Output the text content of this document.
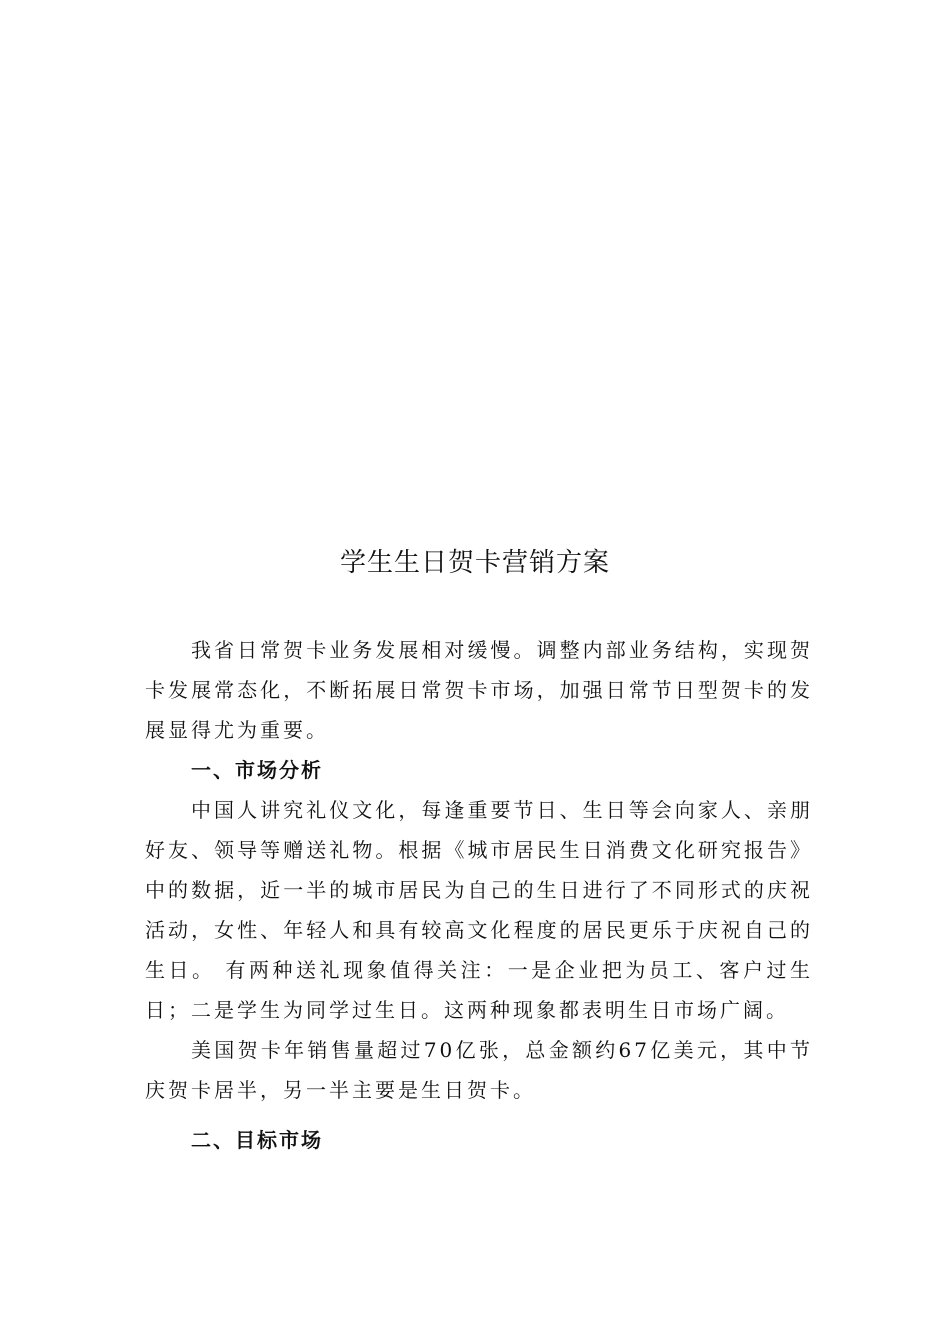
学生生日贺卡营销方案

我省日常贺卡业务发展相对缓慢。调整内部业务结构，实现贺卡发展常态化，不断拓展日常贺卡市场，加强日常节日型贺卡的发展显得尤为重要。

一、市场分析

中国人讲究礼仪文化，每逢重要节日、生日等会向家人、亲朋好友、领导等赠送礼物。根据《城市居民生日消费文化研究报告》中的数据，近一半的城市居民为自己的生日进行了不同形式的庆祝活动，女性、年轻人和具有较高文化程度的居民更乐于庆祝自己的生日。 有两种送礼现象值得关注：一是企业把为员工、客户过生日；二是学生为同学过生日。这两种现象都表明生日市场广阔。

美国贺卡年销售量超过70亿张，总金额约67亿美元，其中节庆贺卡居半，另一半主要是生日贺卡。

二、目标市场
